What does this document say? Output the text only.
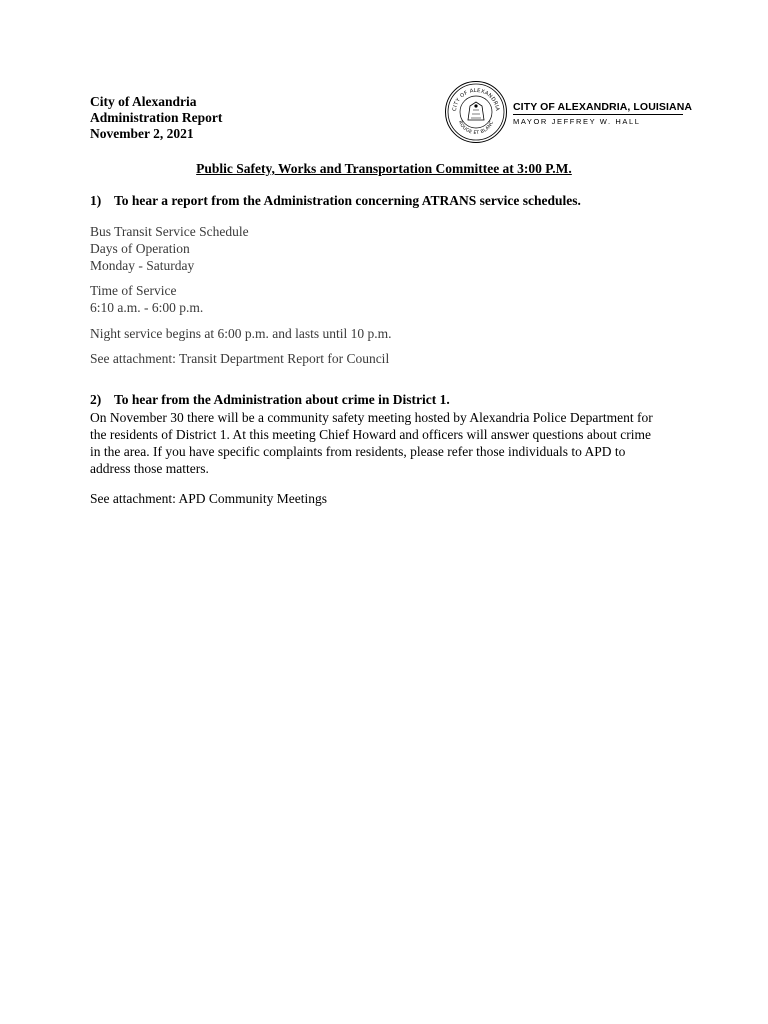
City of Alexandria
Administration Report
November 2, 2021
CITY OF ALEXANDRIA
ROUGE ET BLANC
CITY OF ALEXANDRIA, LOUISIANA
MAYOR JEFFREY W. HALL
Public Safety, Works and Transportation Committee at 3:00 P.M.
1) To hear a report from the Administration concerning ATRANS service schedules.
Bus Transit Service Schedule
Days of Operation
Monday - Saturday
Time of Service
6:10 a.m. - 6:00 p.m.
Night service begins at 6:00 p.m. and lasts until 10 p.m.
See attachment: Transit Department Report for Council
2) To hear from the Administration about crime in District 1.
On November 30 there will be a community safety meeting hosted by Alexandria Police Department for
the residents of District 1. At this meeting Chief Howard and officers will answer questions about crime
in the area. If you have specific complaints from residents, please refer those individuals to APD to
address those matters.
See attachment: APD Community Meetings
